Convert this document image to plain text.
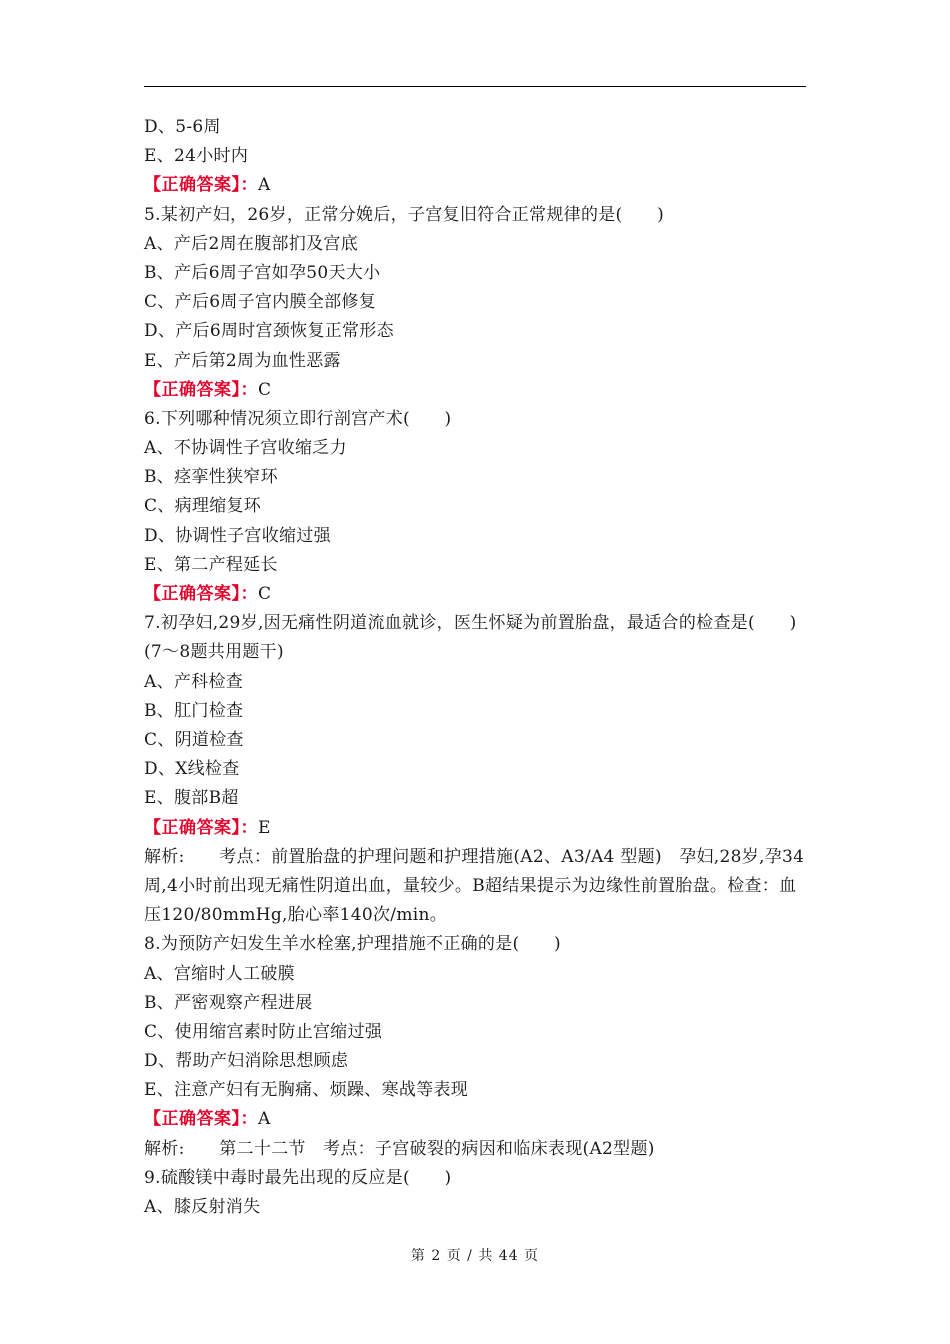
D、5-6周
E、24小时内
【正确答案】：A
5.某初产妇，26岁，正常分娩后，子宫复旧符合正常规律的是(　　)
A、产后2周在腹部扪及宫底
B、产后6周子宫如孕50天大小
C、产后6周子宫内膜全部修复
D、产后6周时宫颈恢复正常形态
E、产后第2周为血性恶露
【正确答案】：C
6.下列哪种情况须立即行剖宫产术(　　)
A、不协调性子宫收缩乏力
B、痉挛性狭窄环
C、病理缩复环
D、协调性子宫收缩过强
E、第二产程延长
【正确答案】：C
7.初孕妇,29岁,因无痛性阴道流血就诊，医生怀疑为前置胎盘，最适合的检查是(　　)　(7～8题共用题干)
A、产科检查
B、肛门检查
C、阴道检查
D、X线检查
E、腹部B超
【正确答案】：E
解析:　　考点：前置胎盘的护理问题和护理措施(A2、A3/A4 型题)　孕妇,28岁,孕34 周,4小时前出现无痛性阴道出血，量较少。B超结果提示为边缘性前置胎盘。检查：血压120/80mmHg,胎心率140次/min。
8.为预防产妇发生羊水栓塞,护理措施不正确的是(　　)
A、宫缩时人工破膜
B、严密观察产程进展
C、使用缩宫素时防止宫缩过强
D、帮助产妇消除思想顾虑
E、注意产妇有无胸痛、烦躁、寒战等表现
【正确答案】：A
解析:　　第二十二节　考点：子宫破裂的病因和临床表现(A2型题)
9.硫酸镁中毒时最先出现的反应是(　　)
A、膝反射消失
第 2 页 / 共 44 页
